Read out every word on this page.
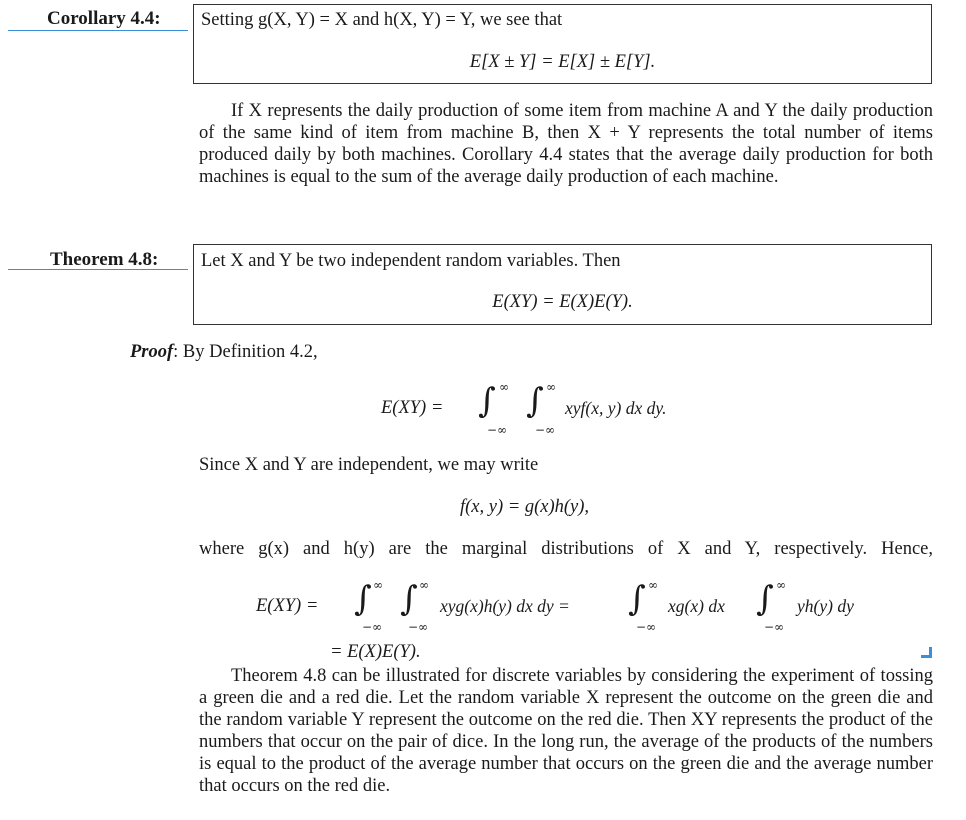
Corollary 4.4: Setting g(X, Y) = X and h(X, Y) = Y, we see that
E[X ± Y] = E[X] ± E[Y].
If X represents the daily production of some item from machine A and Y the daily production of the same kind of item from machine B, then X + Y represents the total number of items produced daily by both machines. Corollary 4.4 states that the average daily production for both machines is equal to the sum of the average daily production of each machine.
Theorem 4.8: Let X and Y be two independent random variables. Then
E(XY) = E(X)E(Y).
Proof: By Definition 4.2,
E(XY) = ∫ ∞
−∞
∫ ∞
−∞
xyf(x, y) dx dy.
Since X and Y are independent, we may write
f(x, y) = g(x)h(y),
where g(x) and h(y) are the marginal distributions of X and Y, respectively. Hence,
E(XY) = ∫ ∞
−∞
∫ ∞
−∞
xyg(x)h(y) dx dy = ∫ ∞
−∞
xg(x) dx ∫ ∞
−∞
yh(y) dy
= E(X)E(Y).
Theorem 4.8 can be illustrated for discrete variables by considering the experiment of tossing a green die and a red die. Let the random variable X represent the outcome on the green die and the random variable Y represent the outcome on the red die. Then XY represents the product of the numbers that occur on the pair of dice. In the long run, the average of the products of the numbers is equal to the product of the average number that occurs on the green die and the average number that occurs on the red die.
